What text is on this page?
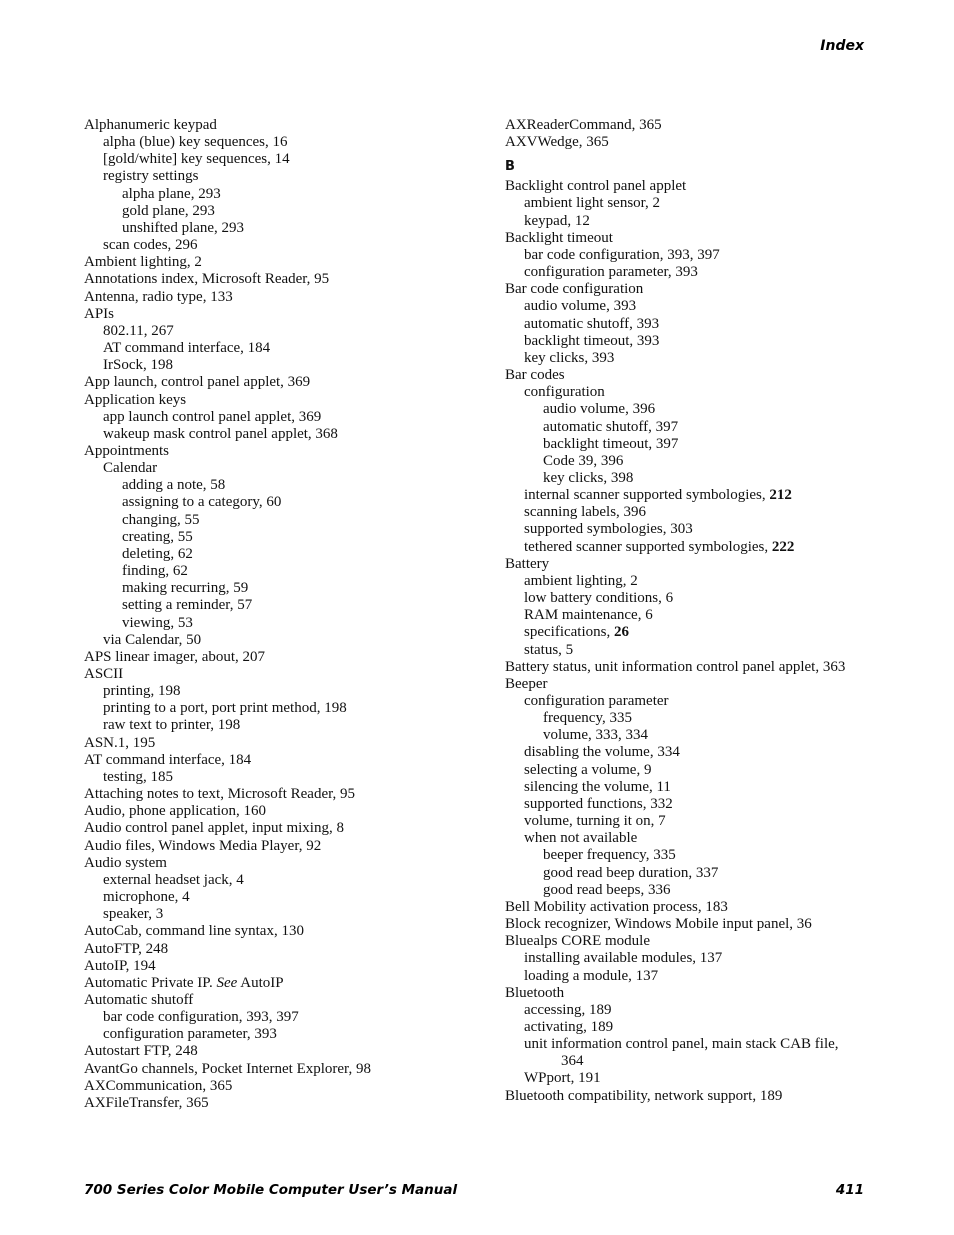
Index
Alphanumeric keypad
alpha (blue) key sequences, 16
[gold/white] key sequences, 14
registry settings
alpha plane, 293
gold plane, 293
unshifted plane, 293
scan codes, 296
Ambient lighting, 2
Annotations index, Microsoft Reader, 95
Antenna, radio type, 133
APIs
802.11, 267
AT command interface, 184
IrSock, 198
App launch, control panel applet, 369
Application keys
app launch control panel applet, 369
wakeup mask control panel applet, 368
Appointments
Calendar
adding a note, 58
assigning to a category, 60
changing, 55
creating, 55
deleting, 62
finding, 62
making recurring, 59
setting a reminder, 57
viewing, 53
via Calendar, 50
APS linear imager, about, 207
ASCII
printing, 198
printing to a port, port print method, 198
raw text to printer, 198
ASN.1, 195
AT command interface, 184
testing, 185
Attaching notes to text, Microsoft Reader, 95
Audio, phone application, 160
Audio control panel applet, input mixing, 8
Audio files, Windows Media Player, 92
Audio system
external headset jack, 4
microphone, 4
speaker, 3
AutoCab, command line syntax, 130
AutoFTP, 248
AutoIP, 194
Automatic Private IP. See AutoIP
Automatic shutoff
bar code configuration, 393, 397
configuration parameter, 393
Autostart FTP, 248
AvantGo channels, Pocket Internet Explorer, 98
AXCommunication, 365
AXFileTransfer, 365
AXReaderCommand, 365
AXVWedge, 365
B
Backlight control panel applet
ambient light sensor, 2
keypad, 12
Backlight timeout
bar code configuration, 393, 397
configuration parameter, 393
Bar code configuration
audio volume, 393
automatic shutoff, 393
backlight timeout, 393
key clicks, 393
Bar codes
configuration
audio volume, 396
automatic shutoff, 397
backlight timeout, 397
Code 39, 396
key clicks, 398
internal scanner supported symbologies, 212
scanning labels, 396
supported symbologies, 303
tethered scanner supported symbologies, 222
Battery
ambient lighting, 2
low battery conditions, 6
RAM maintenance, 6
specifications, 26
status, 5
Battery status, unit information control panel applet, 363
Beeper
configuration parameter
frequency, 335
volume, 333, 334
disabling the volume, 334
selecting a volume, 9
silencing the volume, 11
supported functions, 332
volume, turning it on, 7
when not available
beeper frequency, 335
good read beep duration, 337
good read beeps, 336
Bell Mobility activation process, 183
Block recognizer, Windows Mobile input panel, 36
Bluealps CORE module
installing available modules, 137
loading a module, 137
Bluetooth
accessing, 189
activating, 189
unit information control panel, main stack CAB file,
364
WPport, 191
Bluetooth compatibility, network support, 189
700 Series Color Mobile Computer User’s Manual	411
